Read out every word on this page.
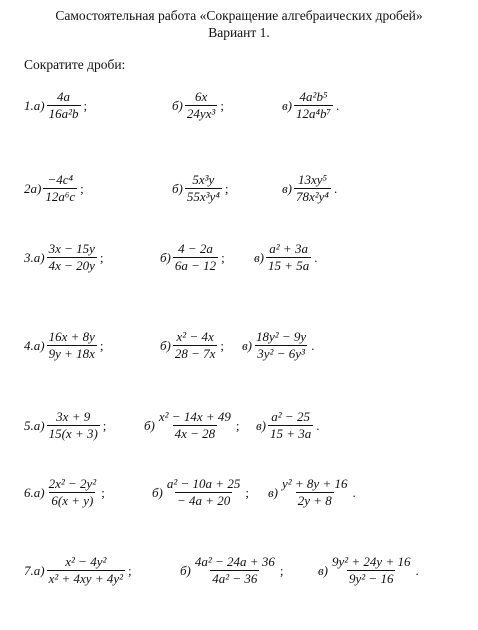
Самостоятельная работа «Сокращение алгебраических дробей»
Вариант 1.
Сократите дроби:
$1.а) \frac{4a}{\text{16a²b}}$ ;	$б) \frac{6x}{\text{24yx³}}$ ;	$в) \frac{\text{4a²b⁵}}{\text{12a⁴b⁷}}$ .
$2а) \frac{\text{−4c⁴}}{\text{12a⁶c}}$ ;	$б) \frac{\text{5x³y}}{\text{55x³y⁴}}$ ;	$в) \frac{\text{13xy⁵}}{\text{78x²y⁴}}$ .
$3.а) \frac{3x - 15y}{4x - 20y}$ ;	$б) \frac{4 - 2a}{6a - 12}$ ; $в) \frac{\text{a² + 3a}}{15 + 5a}$ .
$4.а) \frac{16x + 8y}{9y + 18x}$ ;	$б) \frac{\text{x² − 4x}}{28 - 7x}$ ; $в) \frac{\text{18y² − 9y}}{\text{3y² − 6y³}}$ .
$5.а) \frac{3x + 9}{15(x + 3)}$ ;	$б) \frac{\text{x² − 14x + 49}}{4x - 28}$ ; $в) \frac{\text{a² − 25}}{15 + 3a}$ .
$6.а) \frac{\text{2x² − 2y²}}{6(x + y)}$ ;	$б) \frac{\text{a² − 10a + 25}}{- 4a + 20}$ ; $в) \frac{\text{y² + 8y + 16}}{2y + 8}$ .
$7.а) \frac{\text{x² − 4y²}}{\text{x² + 4xy + 4y²}}$ ;	$б) \frac{\text{4a² − 24a + 36}}{\text{4a² − 36}}$ ;	$в) \frac{\text{9y² + 24y + 16}}{\text{9y² − 16}}$ .
